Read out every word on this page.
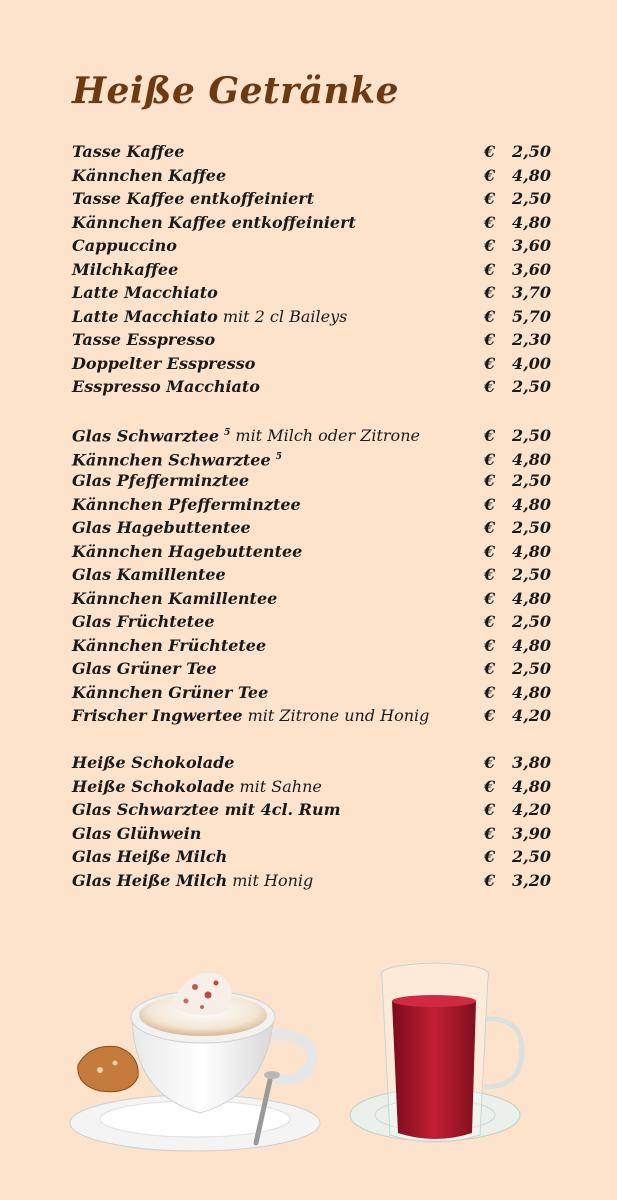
Heiße Getränke
Tasse Kaffee	€ 2,50
Kännchen Kaffee	€ 4,80
Tasse Kaffee entkoffeiniert	€ 2,50
Kännchen Kaffee entkoffeiniert	€ 4,80
Cappuccino	€ 3,60
Milchkaffee	€ 3,60
Latte Macchiato	€ 3,70
Latte Macchiato mit 2 cl Baileys	€ 5,70
Tasse Esspresso	€ 2,30
Doppelter Esspresso	€ 4,00
Esspresso Macchiato	€ 2,50
Glas Schwarztee $^5$ mit Milch oder Zitrone	€ 2,50
Kännchen Schwarztee $^5$	€ 4,80
Glas Pfefferminztee	€ 2,50
Kännchen Pfefferminztee	€ 4,80
Glas Hagebuttentee	€ 2,50
Kännchen Hagebuttentee	€ 4,80
Glas Kamillentee	€ 2,50
Kännchen Kamillentee	€ 4,80
Glas Früchtetee	€ 2,50
Kännchen Früchtetee	€ 4,80
Glas Grüner Tee	€ 2,50
Kännchen Grüner Tee	€ 4,80
Frischer Ingwertee mit Zitrone und Honig	€ 4,20
Heiße Schokolade	€ 3,80
Heiße Schokolade mit Sahne	€ 4,80
Glas Schwarztee mit 4cl. Rum	€ 4,20
Glas Glühwein	€ 3,90
Glas Heiße Milch	€ 2,50
Glas Heiße Milch mit Honig	€ 3,20
